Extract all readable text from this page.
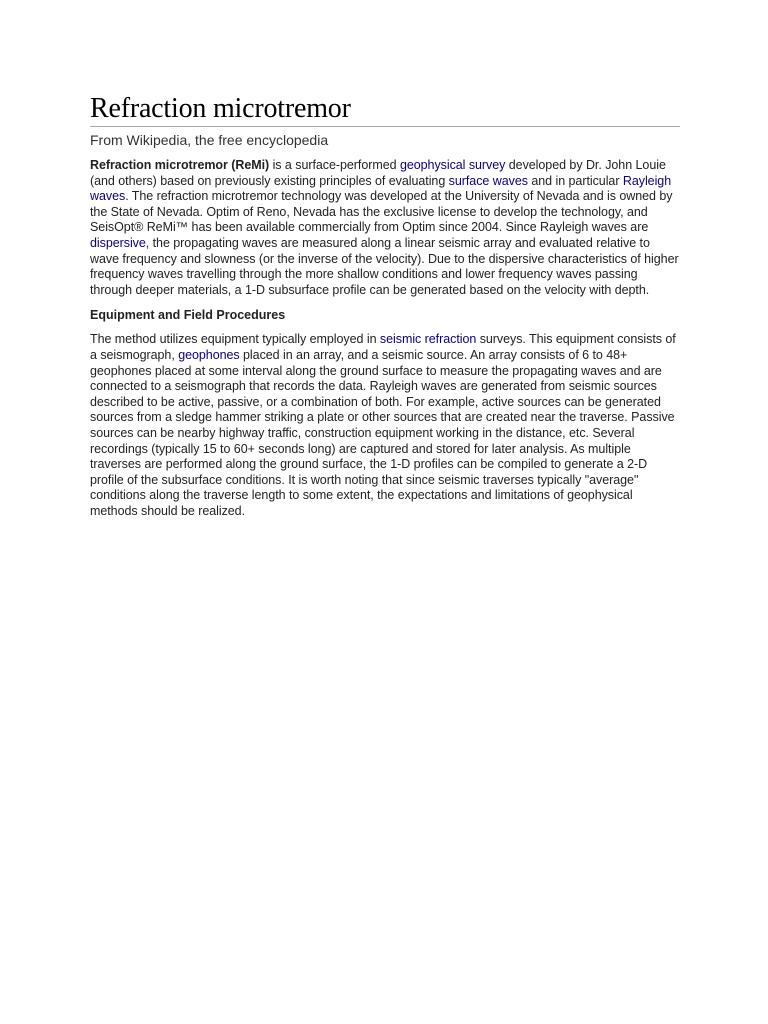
Refraction microtremor
From Wikipedia, the free encyclopedia

Refraction microtremor (ReMi) is a surface-performed geophysical survey developed by Dr. John Louie (and others) based on previously existing principles of evaluating surface waves and in particular Rayleigh waves. The refraction microtremor technology was developed at the University of Nevada and is owned by the State of Nevada. Optim of Reno, Nevada has the exclusive license to develop the technology, and SeisOpt® ReMi™ has been available commercially from Optim since 2004. Since Rayleigh waves are dispersive, the propagating waves are measured along a linear seismic array and evaluated relative to wave frequency and slowness (or the inverse of the velocity). Due to the dispersive characteristics of higher frequency waves travelling through the more shallow conditions and lower frequency waves passing through deeper materials, a 1-D subsurface profile can be generated based on the velocity with depth.

Equipment and Field Procedures

The method utilizes equipment typically employed in seismic refraction surveys. This equipment consists of a seismograph, geophones placed in an array, and a seismic source. An array consists of 6 to 48+ geophones placed at some interval along the ground surface to measure the propagating waves and are connected to a seismograph that records the data. Rayleigh waves are generated from seismic sources described to be active, passive, or a combination of both. For example, active sources can be generated sources from a sledge hammer striking a plate or other sources that are created near the traverse. Passive sources can be nearby highway traffic, construction equipment working in the distance, etc. Several recordings (typically 15 to 60+ seconds long) are captured and stored for later analysis. As multiple traverses are performed along the ground surface, the 1-D profiles can be compiled to generate a 2-D profile of the subsurface conditions. It is worth noting that since seismic traverses typically "average" conditions along the traverse length to some extent, the expectations and limitations of geophysical methods should be realized.
